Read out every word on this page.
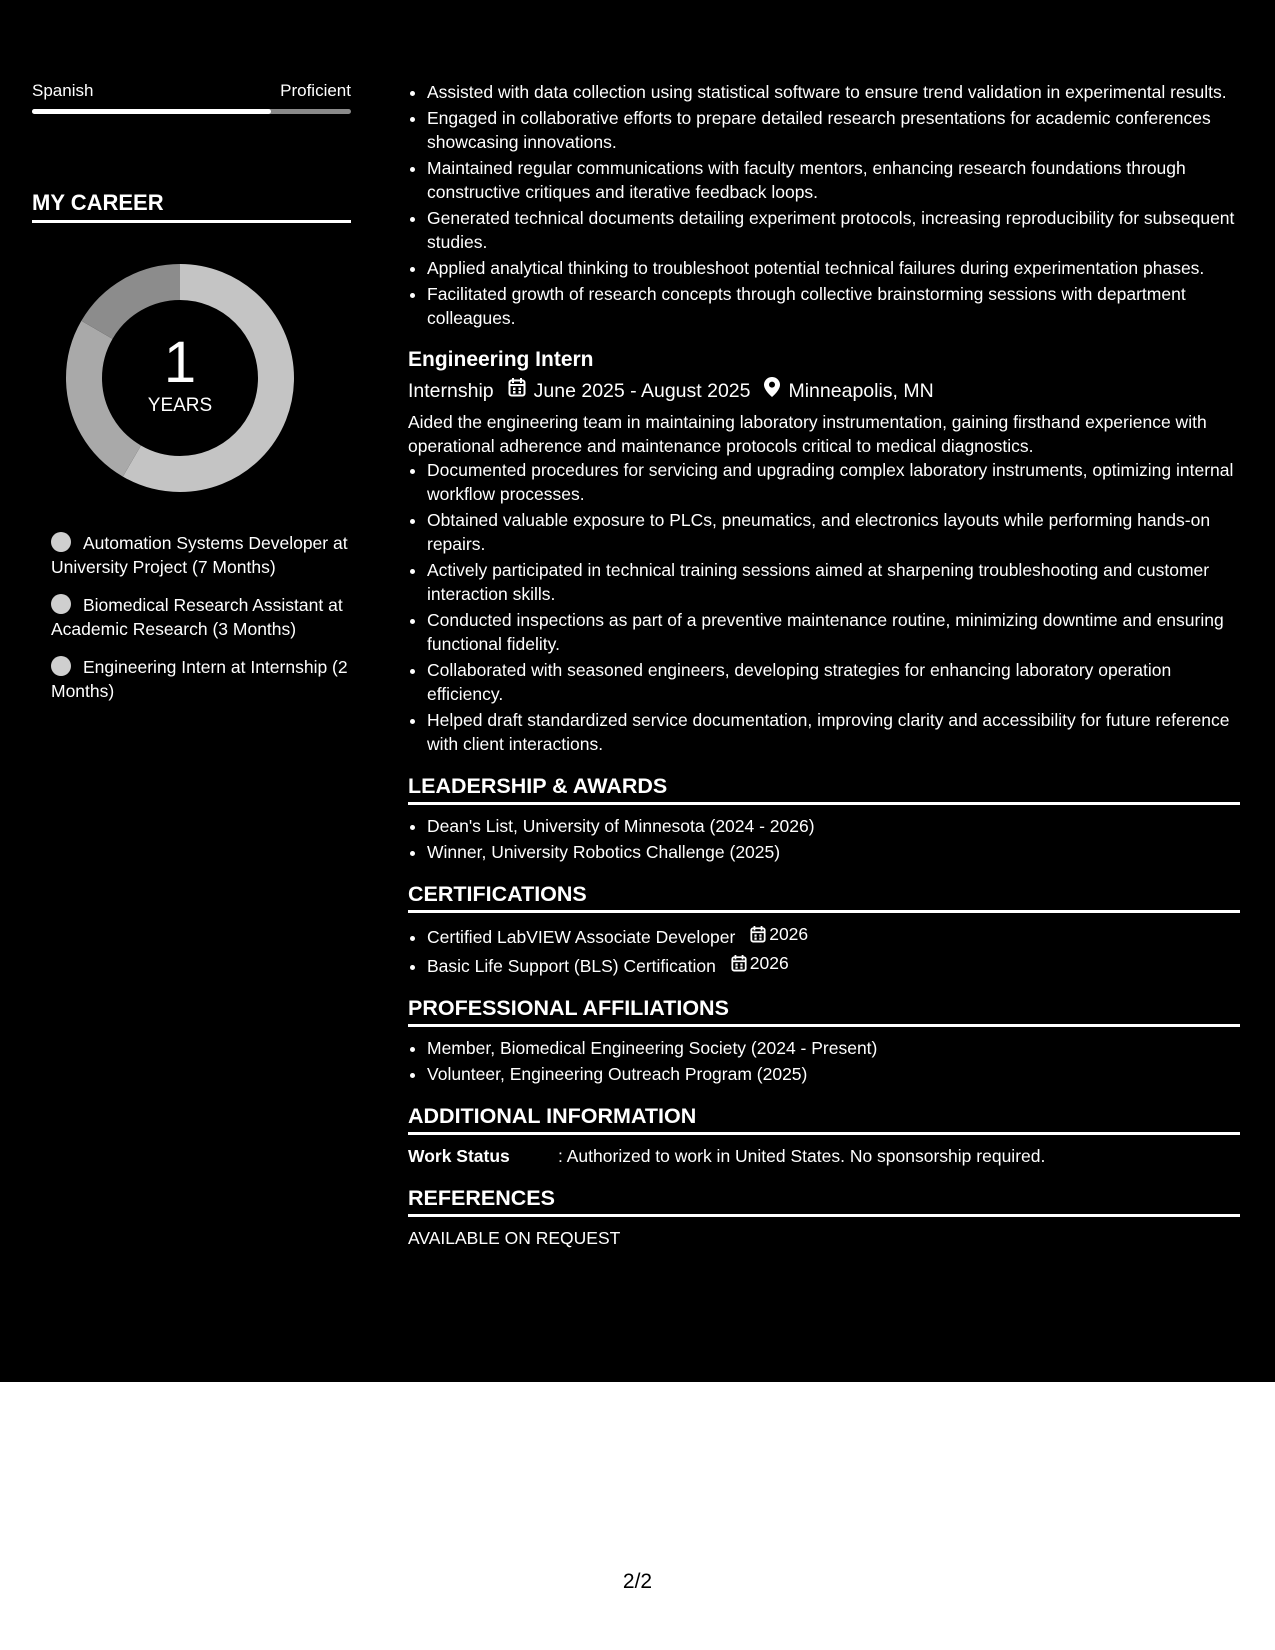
Spanish	Proficient
MY CAREER
1
YEARS
Automation Systems Developer at University Project (7 Months)
Biomedical Research Assistant at Academic Research (3 Months)
Engineering Intern at Internship (2 Months)
• Assisted with data collection using statistical software to ensure trend validation in experimental results.
• Engaged in collaborative efforts to prepare detailed research presentations for academic conferences showcasing innovations.
• Maintained regular communications with faculty mentors, enhancing research foundations through constructive critiques and iterative feedback loops.
• Generated technical documents detailing experiment protocols, increasing reproducibility for subsequent studies.
• Applied analytical thinking to troubleshoot potential technical failures during experimentation phases.
• Facilitated growth of research concepts through collective brainstorming sessions with department colleagues.
Engineering Intern
Internship June 2025 - August 2025 Minneapolis, MN
Aided the engineering team in maintaining laboratory instrumentation, gaining firsthand experience with operational adherence and maintenance protocols critical to medical diagnostics.
• Documented procedures for servicing and upgrading complex laboratory instruments, optimizing internal workflow processes.
• Obtained valuable exposure to PLCs, pneumatics, and electronics layouts while performing hands-on repairs.
• Actively participated in technical training sessions aimed at sharpening troubleshooting and customer interaction skills.
• Conducted inspections as part of a preventive maintenance routine, minimizing downtime and ensuring functional fidelity.
• Collaborated with seasoned engineers, developing strategies for enhancing laboratory operation efficiency.
• Helped draft standardized service documentation, improving clarity and accessibility for future reference with client interactions.
LEADERSHIP & AWARDS
• Dean's List, University of Minnesota (2024 - 2026)
• Winner, University Robotics Challenge (2025)
CERTIFICATIONS
• Certified LabVIEW Associate Developer 2026
• Basic Life Support (BLS) Certification 2026
PROFESSIONAL AFFILIATIONS
• Member, Biomedical Engineering Society (2024 - Present)
• Volunteer, Engineering Outreach Program (2025)
ADDITIONAL INFORMATION
Work Status	: Authorized to work in United States. No sponsorship required.
REFERENCES
AVAILABLE ON REQUEST
2/2
